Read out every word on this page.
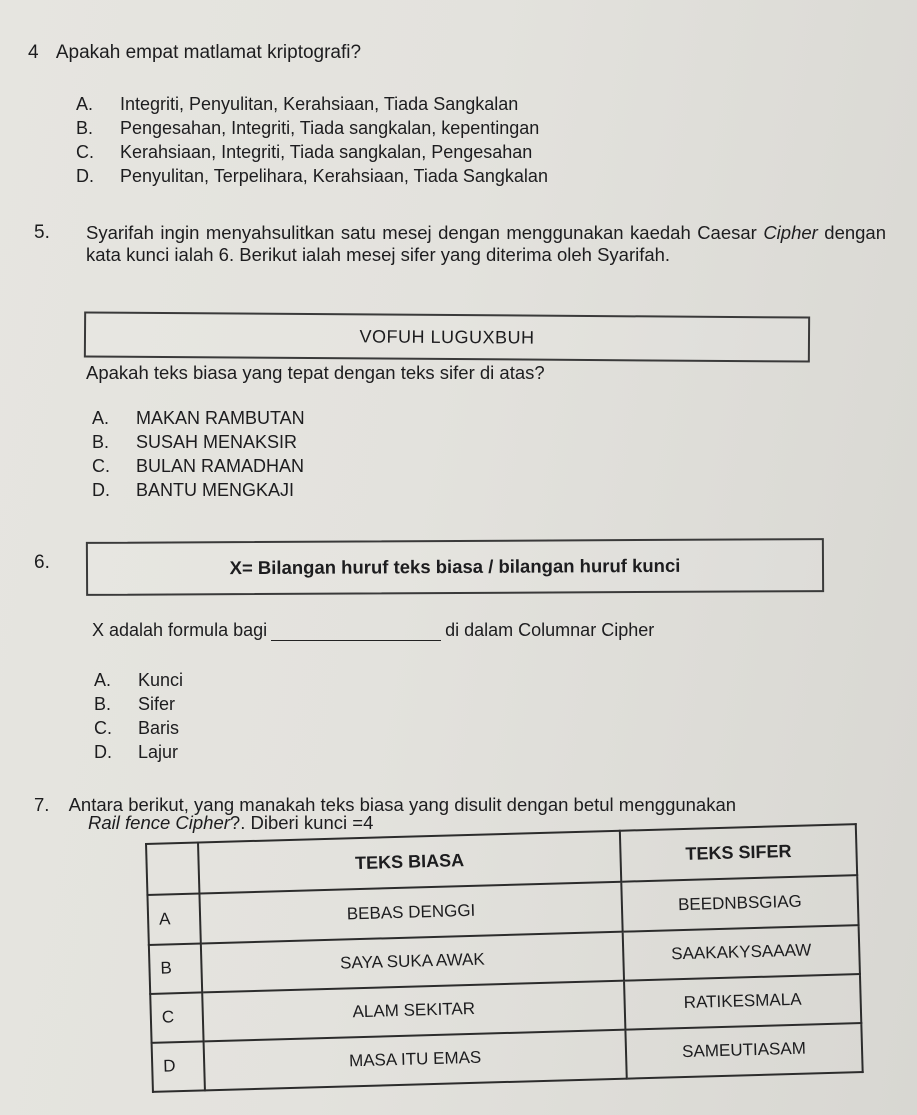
4 Apakah empat matlamat kriptografi?
A. Integriti, Penyulitan, Kerahsiaan, Tiada Sangkalan
B. Pengesahan, Integriti, Tiada sangkalan, kepentingan
C. Kerahsiaan, Integriti, Tiada sangkalan, Pengesahan
D. Penyulitan, Terpelihara, Kerahsiaan, Tiada Sangkalan
5. Syarifah ingin menyahsulitkan satu mesej dengan menggunakan kaedah Caesar Cipher dengan kata kunci ialah 6. Berikut ialah mesej sifer yang diterima oleh Syarifah.
VOFUH LUGUXBUH
Apakah teks biasa yang tepat dengan teks sifer di atas?
A. MAKAN RAMBUTAN
B. SUSAH MENAKSIR
C. BULAN RAMADHAN
D. BANTU MENGKAJI
6.	X= Bilangan huruf teks biasa / bilangan huruf kunci
X adalah formula bagi	di dalam Columnar Cipher
A. Kunci
B. Sifer
C. Baris
D. Lajur
7. Antara berikut, yang manakah teks biasa yang disulit dengan betul menggunakan
Rail fence Cipher?. Diberi kunci =4
	TEKS BIASA	TEKS SIFER
A	BEBAS DENGGI	BEEDNBSGIAG
B	SAYA SUKA AWAK	SAAKAKYSAAAW
C	ALAM SEKITAR	RATIKESMALA
D	MASA ITU EMAS	SAMEUTIASAM
